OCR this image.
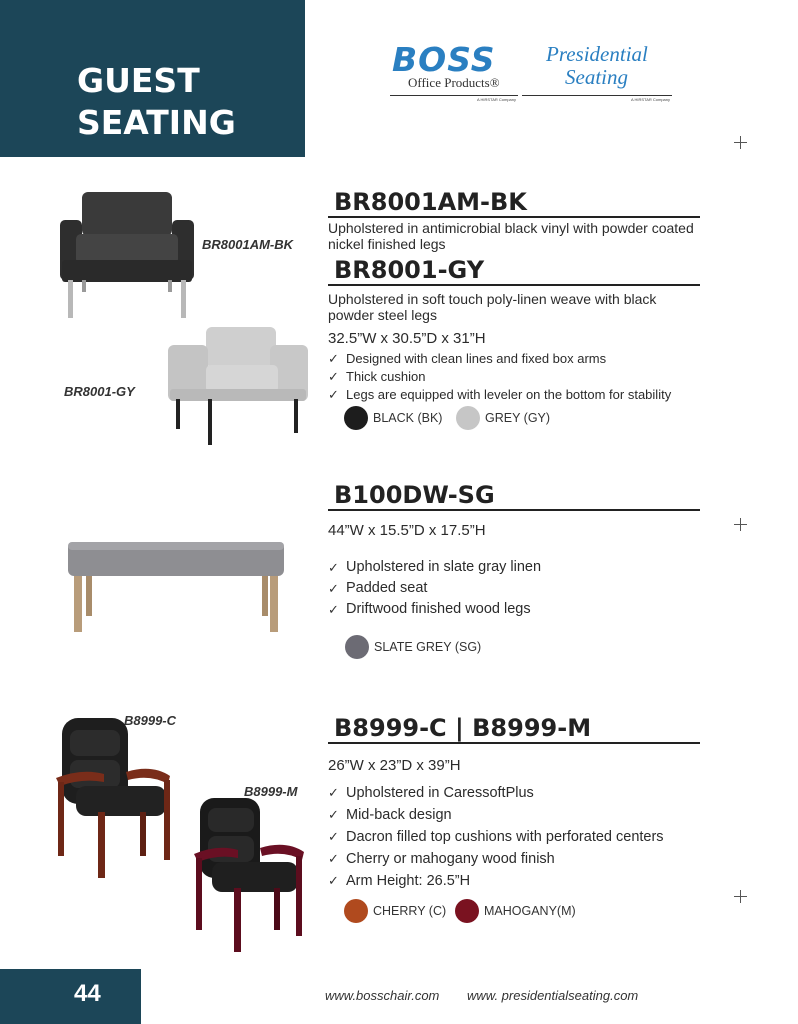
GUEST
SEATING
BOSS
Office Products®
A HIRSTAR Company
Presidential
Seating
A HIRSTAR Company
BR8001AM-BK
BR8001AM-BK
Upholstered in antimicrobial black vinyl with powder coated nickel finished legs
BR8001-GY
Upholstered in soft touch poly-linen weave with black powder steel legs
32.5”W x 30.5”D x 31”H
✓ Designed with clean lines and fixed box arms
✓ Thick cushion
✓ Legs are equipped with leveler on the bottom for stability
BLACK (BK)	GREY (GY)
BR8001-GY
B100DW-SG
44”W x 15.5”D x 17.5”H
✓ Upholstered in slate gray linen
✓ Padded seat
✓ Driftwood finished wood legs
SLATE GREY (SG)
B8999-C | B8999-M
26”W x 23”D x 39”H
✓ Upholstered in CaressoftPlus
✓ Mid-back design
✓ Dacron filled top cushions with perforated centers
✓ Cherry or mahogany wood finish
✓ Arm Height: 26.5”H
CHERRY (C)	MAHOGANY(M)
B8999-C
B8999-M
44	www.bosschair.com www. presidentialseating.com
